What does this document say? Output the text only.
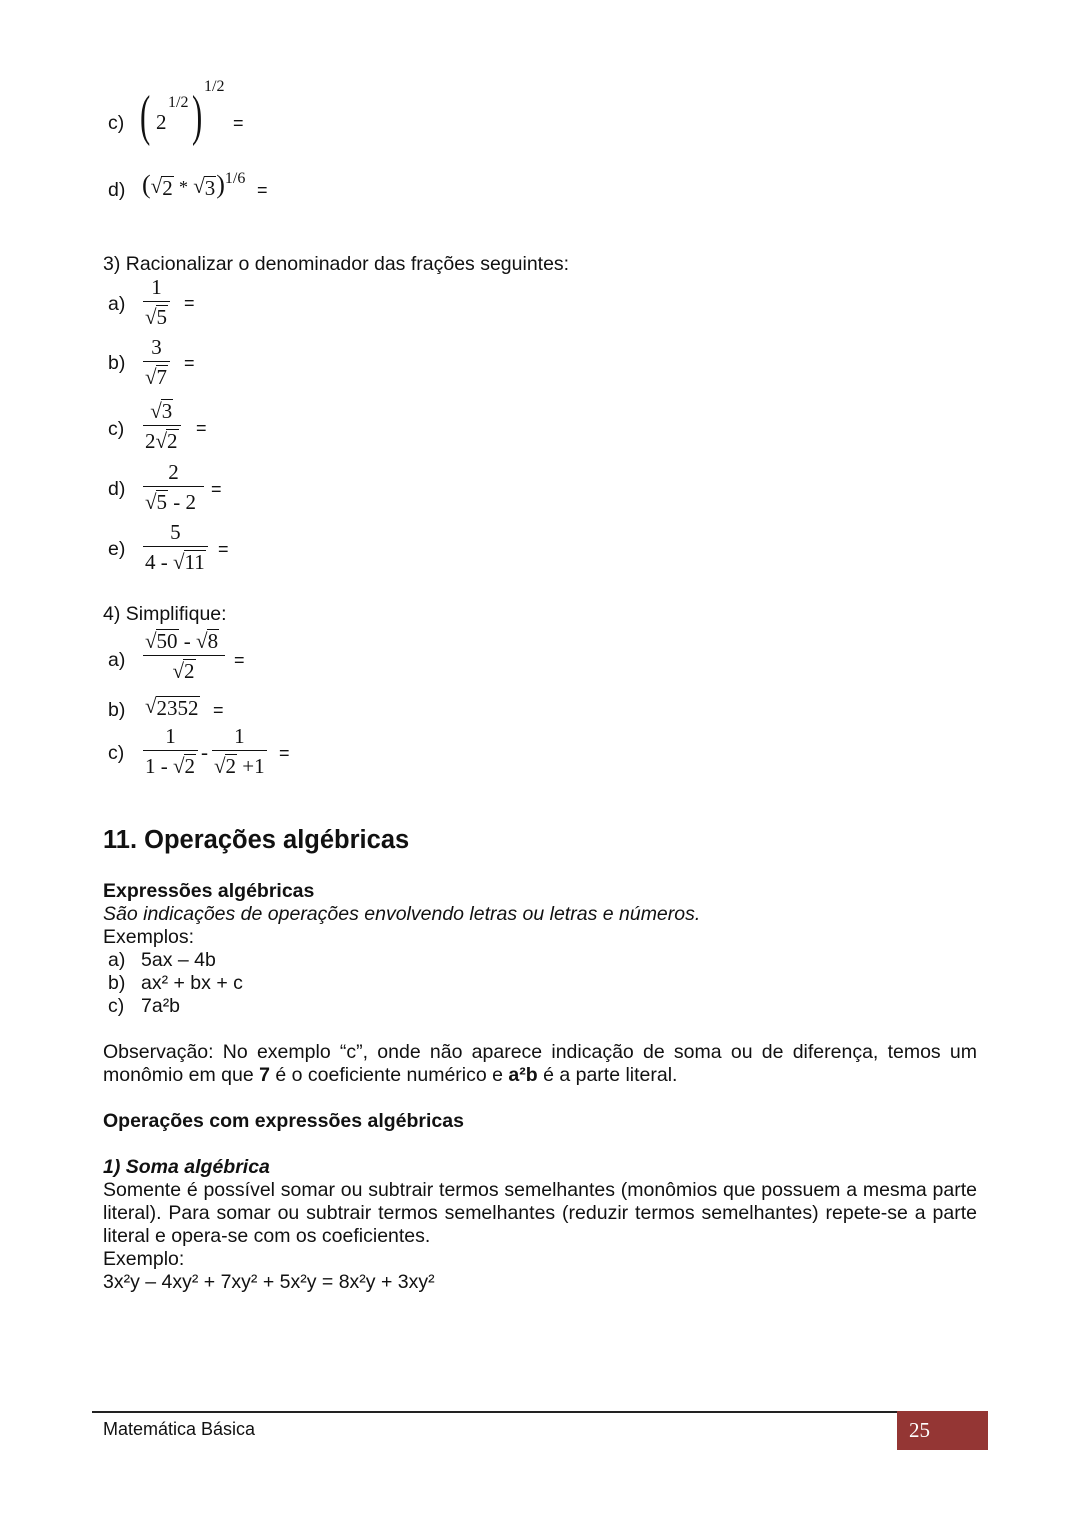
c) ( 2
1/2 ) 1/2
=
d) ( √ 2 * √ 3 )$^{1/6}$
=
3) Racionalizar o denominador das frações seguintes:
$a) \frac{1}{√ 5}$ =
$b) \frac{3}{√ 7}$ =
$c) \frac{√ 3}{2 √ 2}$ =
$d) \frac{2}{√ 5 - 2}$ =
$e) \frac{5}{4 - √ 11}$ =
4) Simplifique:
$a) \frac{√ 50 - √ 8}{√ 2}$ =
b) √ 2352 =
$c) \frac{1}{1 - √ 2} - \frac{1}{√ 2 +1}$ =
11. Operações algébricas
Expressões algébricas
São indicações de operações envolvendo letras ou letras e números.
Exemplos:
a) 5ax – 4b
b) ax² + bx + c
c) 7a²b
Observação: No exemplo “c”, onde não aparece indicação de soma ou de diferença, temos um monômio em que 7 é o coeficiente numérico e a²b é a parte literal.
Operações com expressões algébricas
1) Soma algébrica
Somente é possível somar ou subtrair termos semelhantes (monômios que possuem a mesma parte literal). Para somar ou subtrair termos semelhantes (reduzir termos semelhantes) repete-se a parte literal e opera-se com os coeficientes.
Exemplo:
3x²y – 4xy² + 7xy² + 5x²y = 8x²y + 3xy²
Matemática Básica	25
